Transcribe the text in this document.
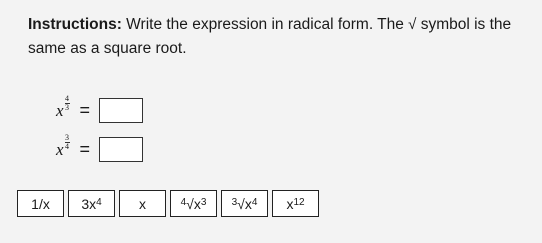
Instructions: Write the expression in radical form. The √ symbol is the same as a square root.
x $\frac{4}{3}$ =
x $\frac{3}{4}$ =
1/x $3x^4$	x	$^4$ $√x^3$	$^3$ $√x^4$ $x^{12}$
